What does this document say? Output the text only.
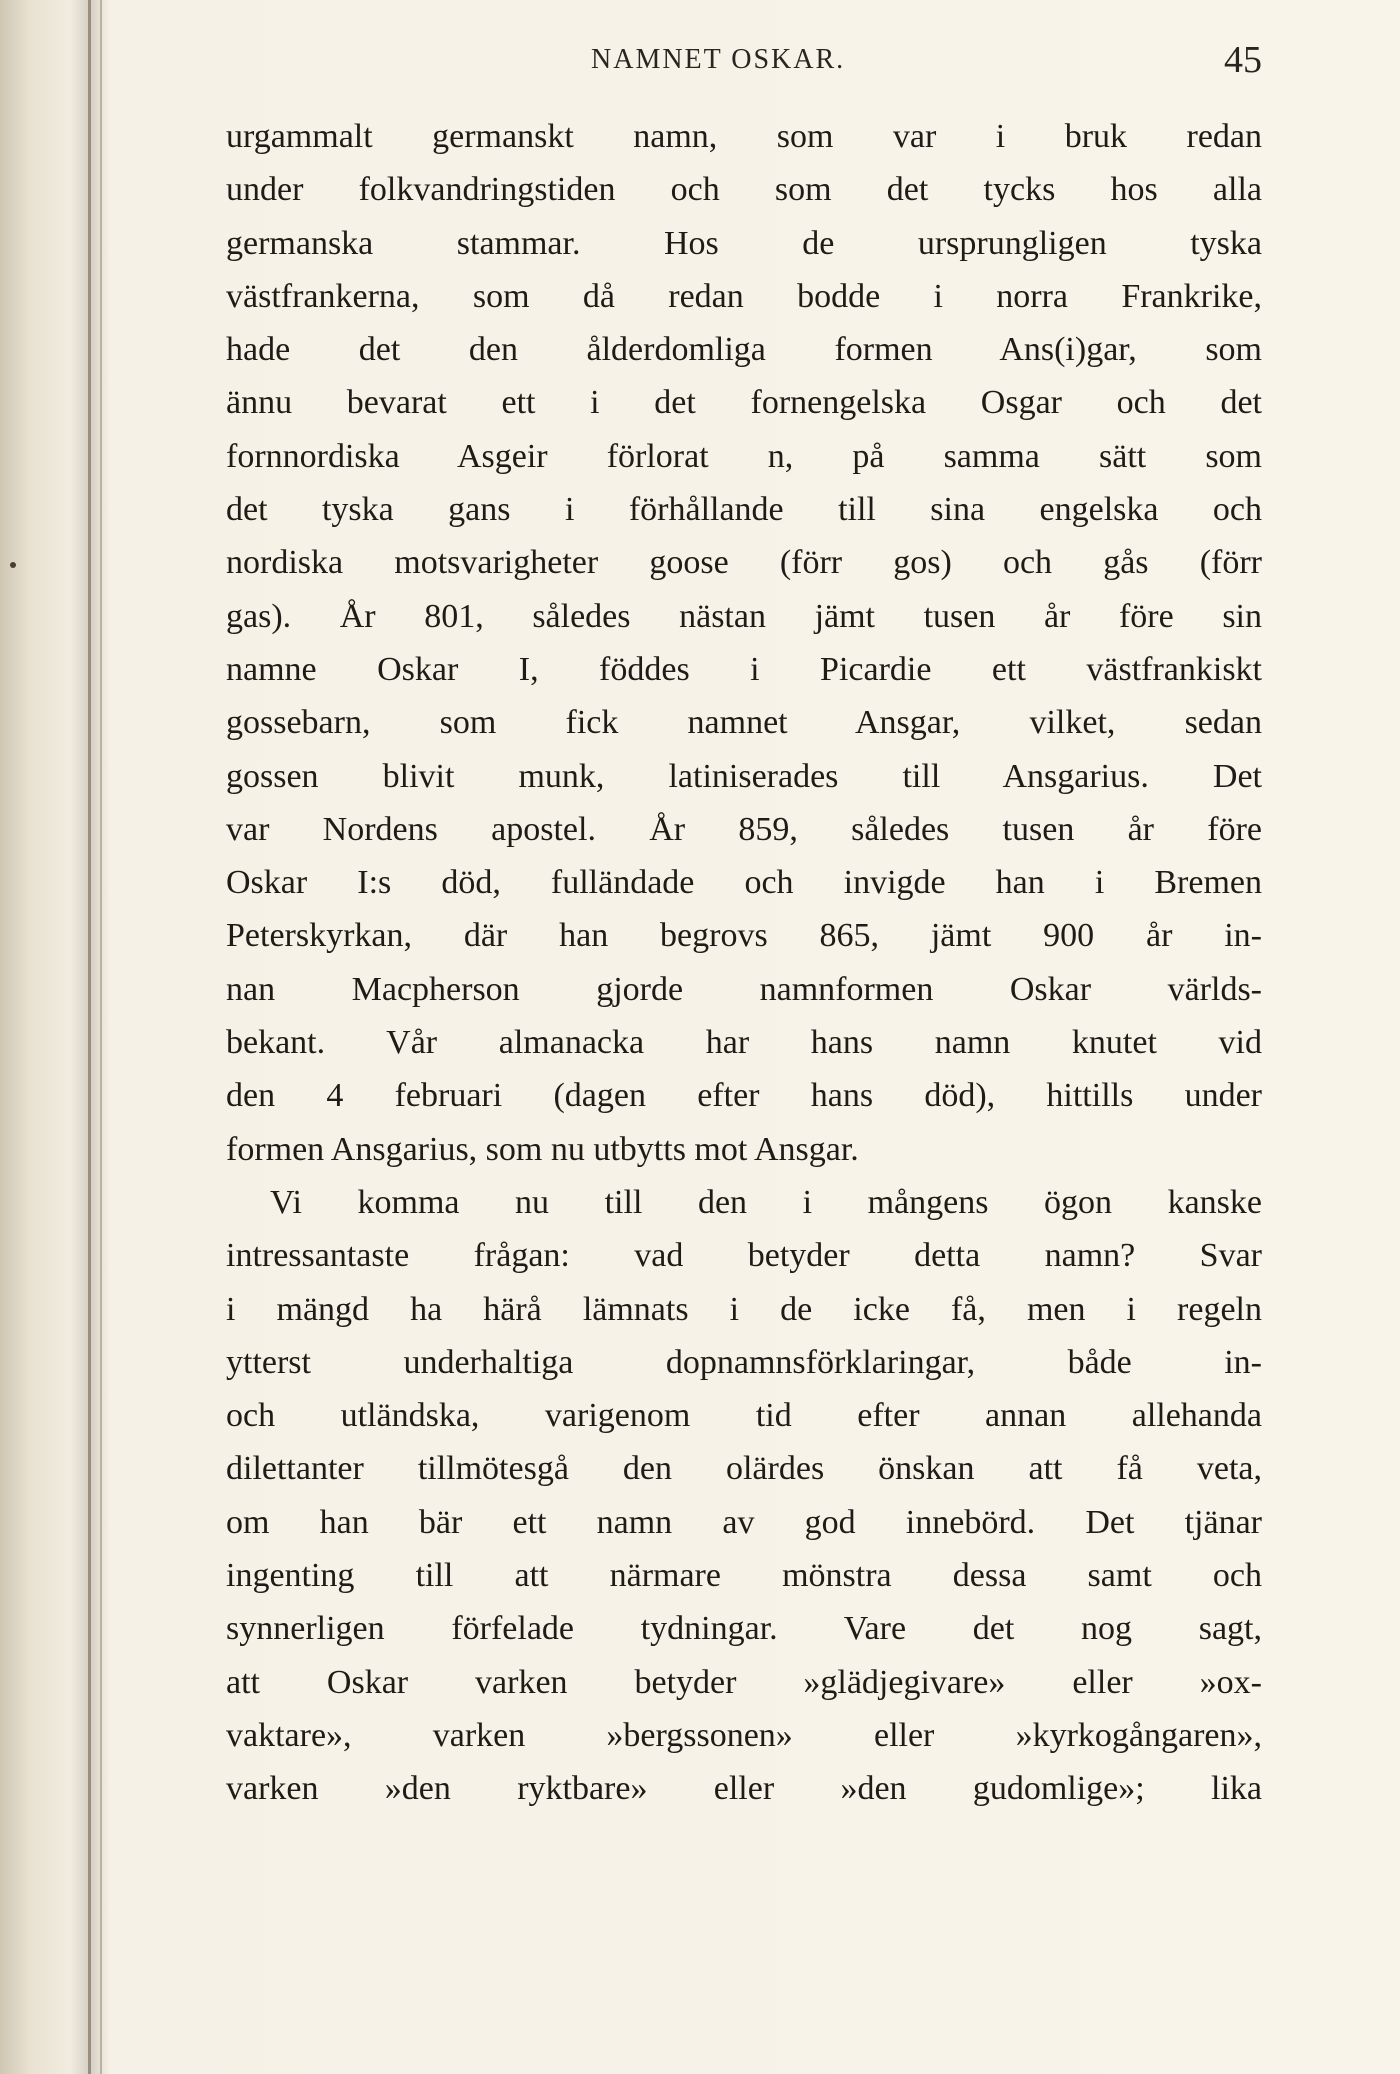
NAMNET OSKAR.	45
urgammalt germanskt namn, som var i bruk redan
under folkvandringstiden och som det tycks hos alla
germanska stammar. Hos de ursprungligen tyska
västfrankerna, som då redan bodde i norra Frankrike,
hade det den ålderdomliga formen Ans(i)gar, som
ännu bevarat ett i det fornengelska Osgar och det
fornnordiska Asgeir förlorat n, på samma sätt som
det tyska gans i förhållande till sina engelska och
nordiska motsvarigheter goose (förr gos) och gås (förr
gas). År 801, således nästan jämt tusen år före sin
namne Oskar I, föddes i Picardie ett västfrankiskt
gossebarn, som fick namnet Ansgar, vilket, sedan
gossen blivit munk, latiniserades till Ansgarius. Det
var Nordens apostel. År 859, således tusen år före
Oskar I:s död, fulländade och invigde han i Bremen
Peterskyrkan, där han begrovs 865, jämt 900 år in-
nan Macpherson gjorde namnformen Oskar världs-
bekant. Vår almanacka har hans namn knutet vid
den 4 februari (dagen efter hans död), hittills under
formen Ansgarius, som nu utbytts mot Ansgar.
Vi komma nu till den i mångens ögon kanske
intressantaste frågan: vad betyder detta namn? Svar
i mängd ha härå lämnats i de icke få, men i regeln
ytterst underhaltiga dopnamnsförklaringar, både in-
och utländska, varigenom tid efter annan allehanda
dilettanter tillmötesgå den olärdes önskan att få veta,
om han bär ett namn av god innebörd. Det tjänar
ingenting till att närmare mönstra dessa samt och
synnerligen förfelade tydningar. Vare det nog sagt,
att Oskar varken betyder »glädjegivare» eller »ox-
vaktare», varken »bergssonen» eller »kyrkogångaren»,
varken »den ryktbare» eller »den gudomlige»; lika
